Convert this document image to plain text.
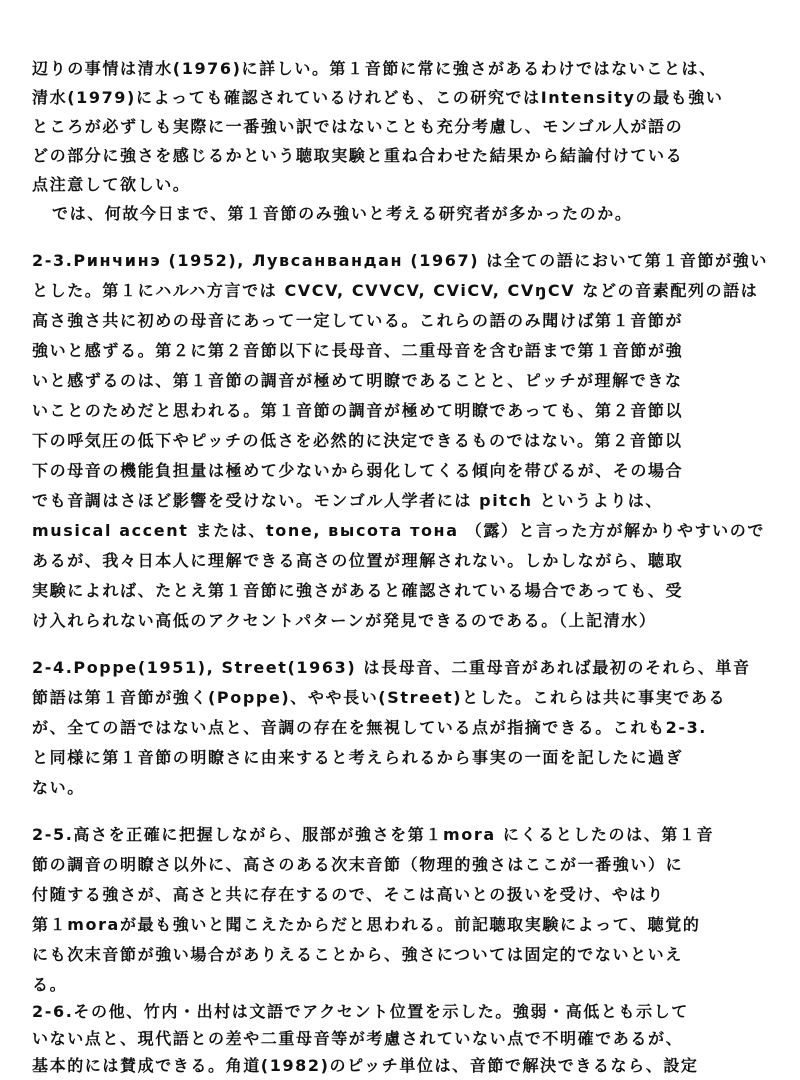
辺りの事情は清水(1976)に詳しい。第１音節に常に強さがあるわけではないことは、
清水(1979)によっても確認されているけれども、この研究ではIntensityの最も強い
ところが必ずしも実際に一番強い訳ではないことも充分考慮し、モンゴル人が語の
どの部分に強さを感じるかという聴取実験と重ね合わせた結果から結論付けている
点注意して欲しい。
では、何故今日まで、第１音節のみ強いと考える研究者が多かったのか。
2-3.Ринчинэ (1952), Лувсанвандан (1967) は全ての語において第１音節が強い
とした。第１にハルハ方言では CVCV, CVVCV, CViCV, CVŋCV などの音素配列の語は
高さ強さ共に初めの母音にあって一定している。これらの語のみ聞けば第１音節が
強いと感ずる。第２に第２音節以下に長母音、二重母音を含む語まで第１音節が強
いと感ずるのは、第１音節の調音が極めて明瞭であることと、ピッチが理解できな
いことのためだと思われる。第１音節の調音が極めて明瞭であっても、第２音節以
下の呼気圧の低下やピッチの低さを必然的に決定できるものではない。第２音節以
下の母音の機能負担量は極めて少ないから弱化してくる傾向を帯びるが、その場合
でも音調はさほど影響を受けない。モンゴル人学者には pitch というよりは、
musical accent または、tone, высота тона （露）と言った方が解かりやすいので
あるが、我々日本人に理解できる高さの位置が理解されない。しかしながら、聴取
実験によれば、たとえ第１音節に強さがあると確認されている場合であっても、受
け入れられない高低のアクセントパターンが発見できるのである。（上記清水）
2-4.Poppe(1951), Street(1963) は長母音、二重母音があれば最初のそれら、単音
節語は第１音節が強く(Poppe)、やや長い(Street)とした。これらは共に事実である
が、全ての語ではない点と、音調の存在を無視している点が指摘できる。これも2-3.
と同様に第１音節の明瞭さに由来すると考えられるから事実の一面を記したに過ぎ
ない。
2-5.高さを正確に把握しながら、服部が強さを第１mora にくるとしたのは、第１音
節の調音の明瞭さ以外に、高さのある次末音節（物理的強さはここが一番強い）に
付随する強さが、高さと共に存在するので、そこは高いとの扱いを受け、やはり
第１moraが最も強いと聞こえたからだと思われる。前記聴取実験によって、聴覚的
にも次末音節が強い場合がありえることから、強さについては固定的でないといえ
る。
2-6.その他、竹内・出村は文語でアクセント位置を示した。強弱・高低とも示して
いない点と、現代語との差や二重母音等が考慮されていない点で不明確であるが、
基本的には賛成できる。角道(1982)のピッチ単位は、音節で解決できるなら、設定
